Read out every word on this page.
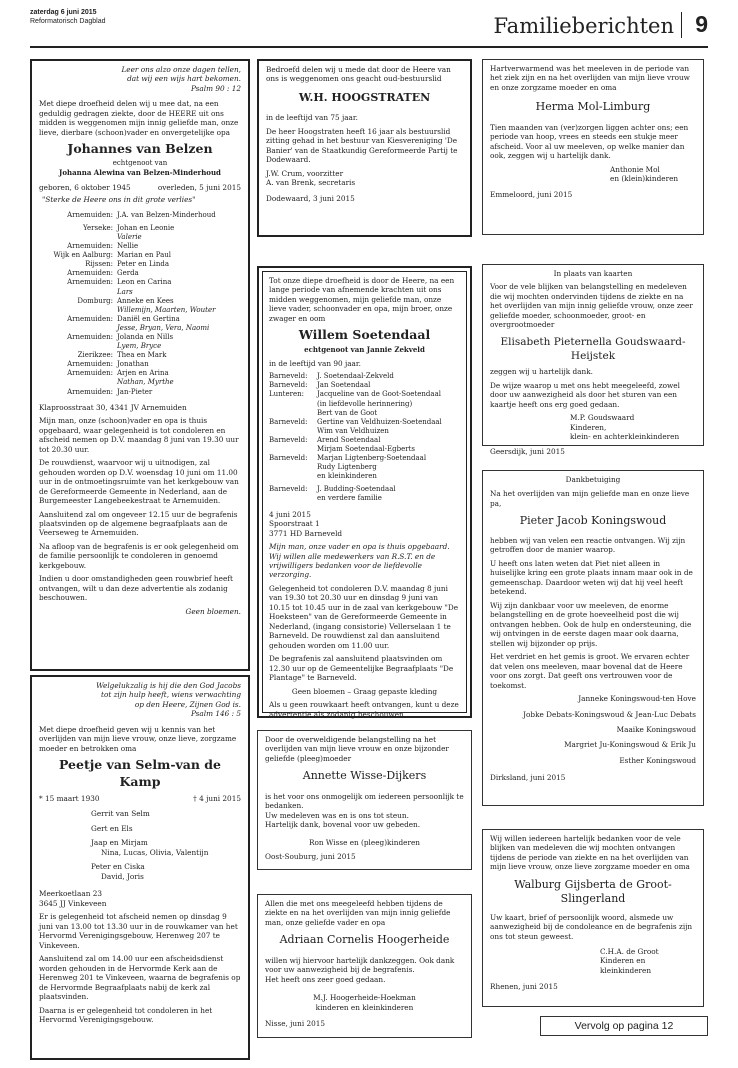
zaterdag 6 juni 2015
Reformatorisch Dagblad	Familieberichten 9
Leer ons alzo onze dagen tellen,
dat wij een wijs hart bekomen.
Psalm 90 : 12

Met diepe droefheid delen wij u mee dat, na een geduldig gedragen ziekte, door de HEERE uit ons midden is weggenomen mijn innig geliefde man, onze lieve, dierbare (schoon)vader en onvergetelijke opa

Johannes van Belzen
echtgenoot van
Johanna Alewina van Belzen-Minderhoud
geboren, 6 oktober 1945	overleden, 5 juni 2015

"Sterke de Heere ons in dit grote verlies"

Arnemuiden: J.A. van Belzen-Minderhoud
Yerseke: Johan en Leonie
Valerie
Arnemuiden: Nellie
Wijk en Aalburg: Marian en Paul
Rijssen: Peter en Linda
Arnemuiden: Gerda
Arnemuiden: Leon en Carina
Lars
Domburg: Anneke en Kees
Willemijn, Maarten, Wouter
Arnemuiden: Daniël en Gertina
Jesse, Bryan, Vera, Naomi
Arnemuiden: Jolanda en Nills
Lyem, Bryce
Zierikzee: Thea en Mark
Arnemuiden: Jonathan
Arnemuiden: Arjen en Arina
Nathan, Myrthe
Arnemuiden: Jan-Pieter

Klaproosstraat 30, 4341 JV Arnemuiden

Mijn man, onze (schoon)vader en opa is thuis opgebaard, waar gelegenheid is tot condoleren en afscheid nemen op D.V. maandag 8 juni van 19.30 uur tot 20.30 uur.

De rouwdienst, waarvoor wij u uitnodigen, zal gehouden worden op D.V. woensdag 10 juni om 11.00 uur in de ontmoetingsruimte van het kerkgebouw van de Gereformeerde Gemeente in Nederland, aan de Burgemeester Langebeekestraat te Arnemuiden.

Aansluitend zal om ongeveer 12.15 uur de begrafenis plaatsvinden op de algemene begraafplaats aan de Veerseweg te Arnemuiden.

Na afloop van de begrafenis is er ook gelegenheid om de familie persoonlijk te condoleren in genoemd kerkgebouw.

Indien u door omstandigheden geen rouwbrief heeft ontvangen, wilt u dan deze advertentie als zodanig beschouwen.

Geen bloemen.
Welgelukzalig is hij die den God Jacobs
tot zijn hulp heeft, wiens verwachting
op den Heere, Zijnen God is.
Psalm 146 : 5

Met diepe droefheid geven wij u kennis van het overlijden van mijn lieve vrouw, onze lieve, zorgzame moeder en betrokken oma

Peetje van Selm-van de Kamp
* 15 maart 1930	† 4 juni 2015
Gerrit van Selm
Gert en Els
Jaap en Mirjam
Nina, Lucas, Olivia, Valentijn
Peter en Ciska
David, Joris
Meerkoetlaan 23

3645 JJ Vinkeveen

Er is gelegenheid tot afscheid nemen op dinsdag 9 juni van 13.00 tot 13.30 uur in de rouwkamer van het Hervormd Verenigingsgebouw, Herenweg 207 te Vinkeveen.

Aansluitend zal om 14.00 uur een afscheidsdienst worden gehouden in de Hervormde Kerk aan de Herenweg 201 te Vinkeveen, waarna de begrafenis op de Hervormde Begraafplaats nabij de kerk zal plaatsvinden.

Daarna is er gelegenheid tot condoleren in het Hervormd Verenigingsgebouw.

Bedroefd delen wij u mede dat door de Heere van ons is weggenomen ons geacht oud-bestuurslid

W.H. HOOGSTRATEN

in de leeftijd van 75 jaar.

De heer Hoogstraten heeft 16 jaar als bestuurslid zitting gehad in het bestuur van Kiesvereniging 'De Banier' van de Staatkundig Gereformeerde Partij te Dodewaard.

J.W. Crum, voorzitter

A. van Brenk, secretaris

Dodewaard, 3 juni 2015

Tot onze diepe droefheid is door de Heere, na een lange periode van afnemende krachten uit ons midden weggenomen, mijn geliefde man, onze lieve vader, schoonvader en opa, mijn broer, onze zwager en oom

Willem Soetendaal
echtgenoot van Jannie Zekveld

in de leeftijd van 90 jaar.

Barneveld:	J. Soetendaal-Zekveld
Barneveld:	Jan Soetendaal
Lunteren:	Jacqueline van de Goot-Soetendaal
(in liefdevolle herinnering)
Bert van de Goot
Barneveld:	Gertine van Veldhuizen-Soetendaal
Wim van Veldhuizen
Barneveld:	Arend Soetendaal
Mirjam Soetendaal-Egberts
Barneveld:	Marjan Ligtenberg-Soetendaal
Rudy Ligtenberg
en kleinkinderen
Barneveld:	J. Budding-Soetendaal
en verdere familie
4 juni 2015
Spoorstraat 1

3771 HD Barneveld

Mijn man, onze vader en opa is thuis opgebaard. Wij willen alle medewerkers van R.S.T. en de vrijwilligers bedanken voor de liefdevolle verzorging.

Gelegenheid tot condoleren D.V. maandag 8 juni van 19.30 tot 20.30 uur en dinsdag 9 juni van 10.15 tot 10.45 uur in de zaal van kerkgebouw "De Hoeksteen" van de Gereformeerde Gemeente in Nederland, (ingang consistorie) Vellerselaan 1 te Barneveld. De rouwdienst zal dan aansluitend gehouden worden om 11.00 uur.

De begrafenis zal aansluitend plaatsvinden om 12.30 uur op de Gemeentelijke Begraafplaats "De Plantage" te Barneveld.

Geen bloemen – Graag gepaste kleding

Als u geen rouwkaart heeft ontvangen, kunt u deze advertentie als zodanig beschouwen.

Door de overweldigende belangstelling na het overlijden van mijn lieve vrouw en onze bijzonder geliefde (pleeg)moeder

Annette Wisse-Dijkers
is het voor ons onmogelijk om iedereen persoonlijk te bedanken.
Uw medeleven was en is ons tot steun.
Hartelijk dank, bovenal voor uw gebeden.
Ron Wisse en (pleeg)kinderen
Oost-Souburg, juni 2015

Allen die met ons meegeleefd hebben tijdens de ziekte en na het overlijden van mijn innig geliefde man, onze geliefde vader en opa

Adriaan Cornelis Hoogerheide
willen wij hiervoor hartelijk dankzeggen. Ook dank voor uw aanwezigheid bij de begrafenis.
Het heeft ons zeer goed gedaan.
M.J. Hoogerheide-Hoekman
kinderen en kleinkinderen
Nisse, juni 2015

Hartverwarmend was het meeleven in de periode van het ziek zijn en na het overlijden van mijn lieve vrouw en onze zorgzame moeder en oma

Herma Mol-Limburg

Tien maanden van (ver)zorgen liggen achter ons; een periode van hoop, vrees en steeds een stukje meer afscheid. Voor al uw meeleven, op welke manier dan ook, zeggen wij u hartelijk dank.

Anthonie Mol
en (klein)kinderen
Emmeloord, juni 2015
In plaats van kaarten

Voor de vele blijken van belangstelling en medeleven die wij mochten ondervinden tijdens de ziekte en na het overlijden van mijn innig geliefde vrouw, onze zeer geliefde moeder, schoonmoeder, groot- en overgrootmoeder

Elisabeth Pieternella Goudswaard-Heijstek

zeggen wij u hartelijk dank.

De wijze waarop u met ons hebt meegeleefd, zowel door uw aanwezigheid als door het sturen van een kaartje heeft ons erg goed gedaan.

M.P. Goudswaard
Kinderen,
klein- en achterkleinkinderen
Geersdijk, juni 2015
Dankbetuiging

Na het overlijden van mijn geliefde man en onze lieve pa,

Pieter Jacob Koningswoud

hebben wij van velen een reactie ontvangen. Wij zijn getroffen door de manier waarop.

U heeft ons laten weten dat Piet niet alleen in huiselijke kring een grote plaats innam maar ook in de gemeenschap. Daardoor weten wij dat hij veel heeft betekend.

Wij zijn dankbaar voor uw meeleven, de enorme belangstelling en de grote hoeveelheid post die wij ontvangen hebben. Ook de hulp en ondersteuning, die wij ontvingen in de eerste dagen maar ook daarna, stellen wij bijzonder op prijs.

Het verdriet en het gemis is groot. We ervaren echter dat velen ons meeleven, maar bovenal dat de Heere voor ons zorgt. Dat geeft ons vertrouwen voor de toekomst.

Janneke Koningswoud-ten Hove
Jobke Debats-Koningswoud & Jean-Luc Debats
Maaike Koningswoud
Margriet Ju-Koningswoud & Erik Ju
Esther Koningswoud
Dirksland, juni 2015

Wij willen iedereen hartelijk bedanken voor de vele blijken van medeleven die wij mochten ontvangen tijdens de periode van ziekte en na het overlijden van mijn lieve vrouw, onze lieve zorgzame moeder en oma

Walburg Gijsberta de Groot-Slingerland

Uw kaart, brief of persoonlijk woord, alsmede uw aanwezigheid bij de condoleance en de begrafenis zijn ons tot steun geweest.

C.H.A. de Groot
Kinderen en kleinkinderen
Rhenen, juni 2015
Vervolg op pagina 12
